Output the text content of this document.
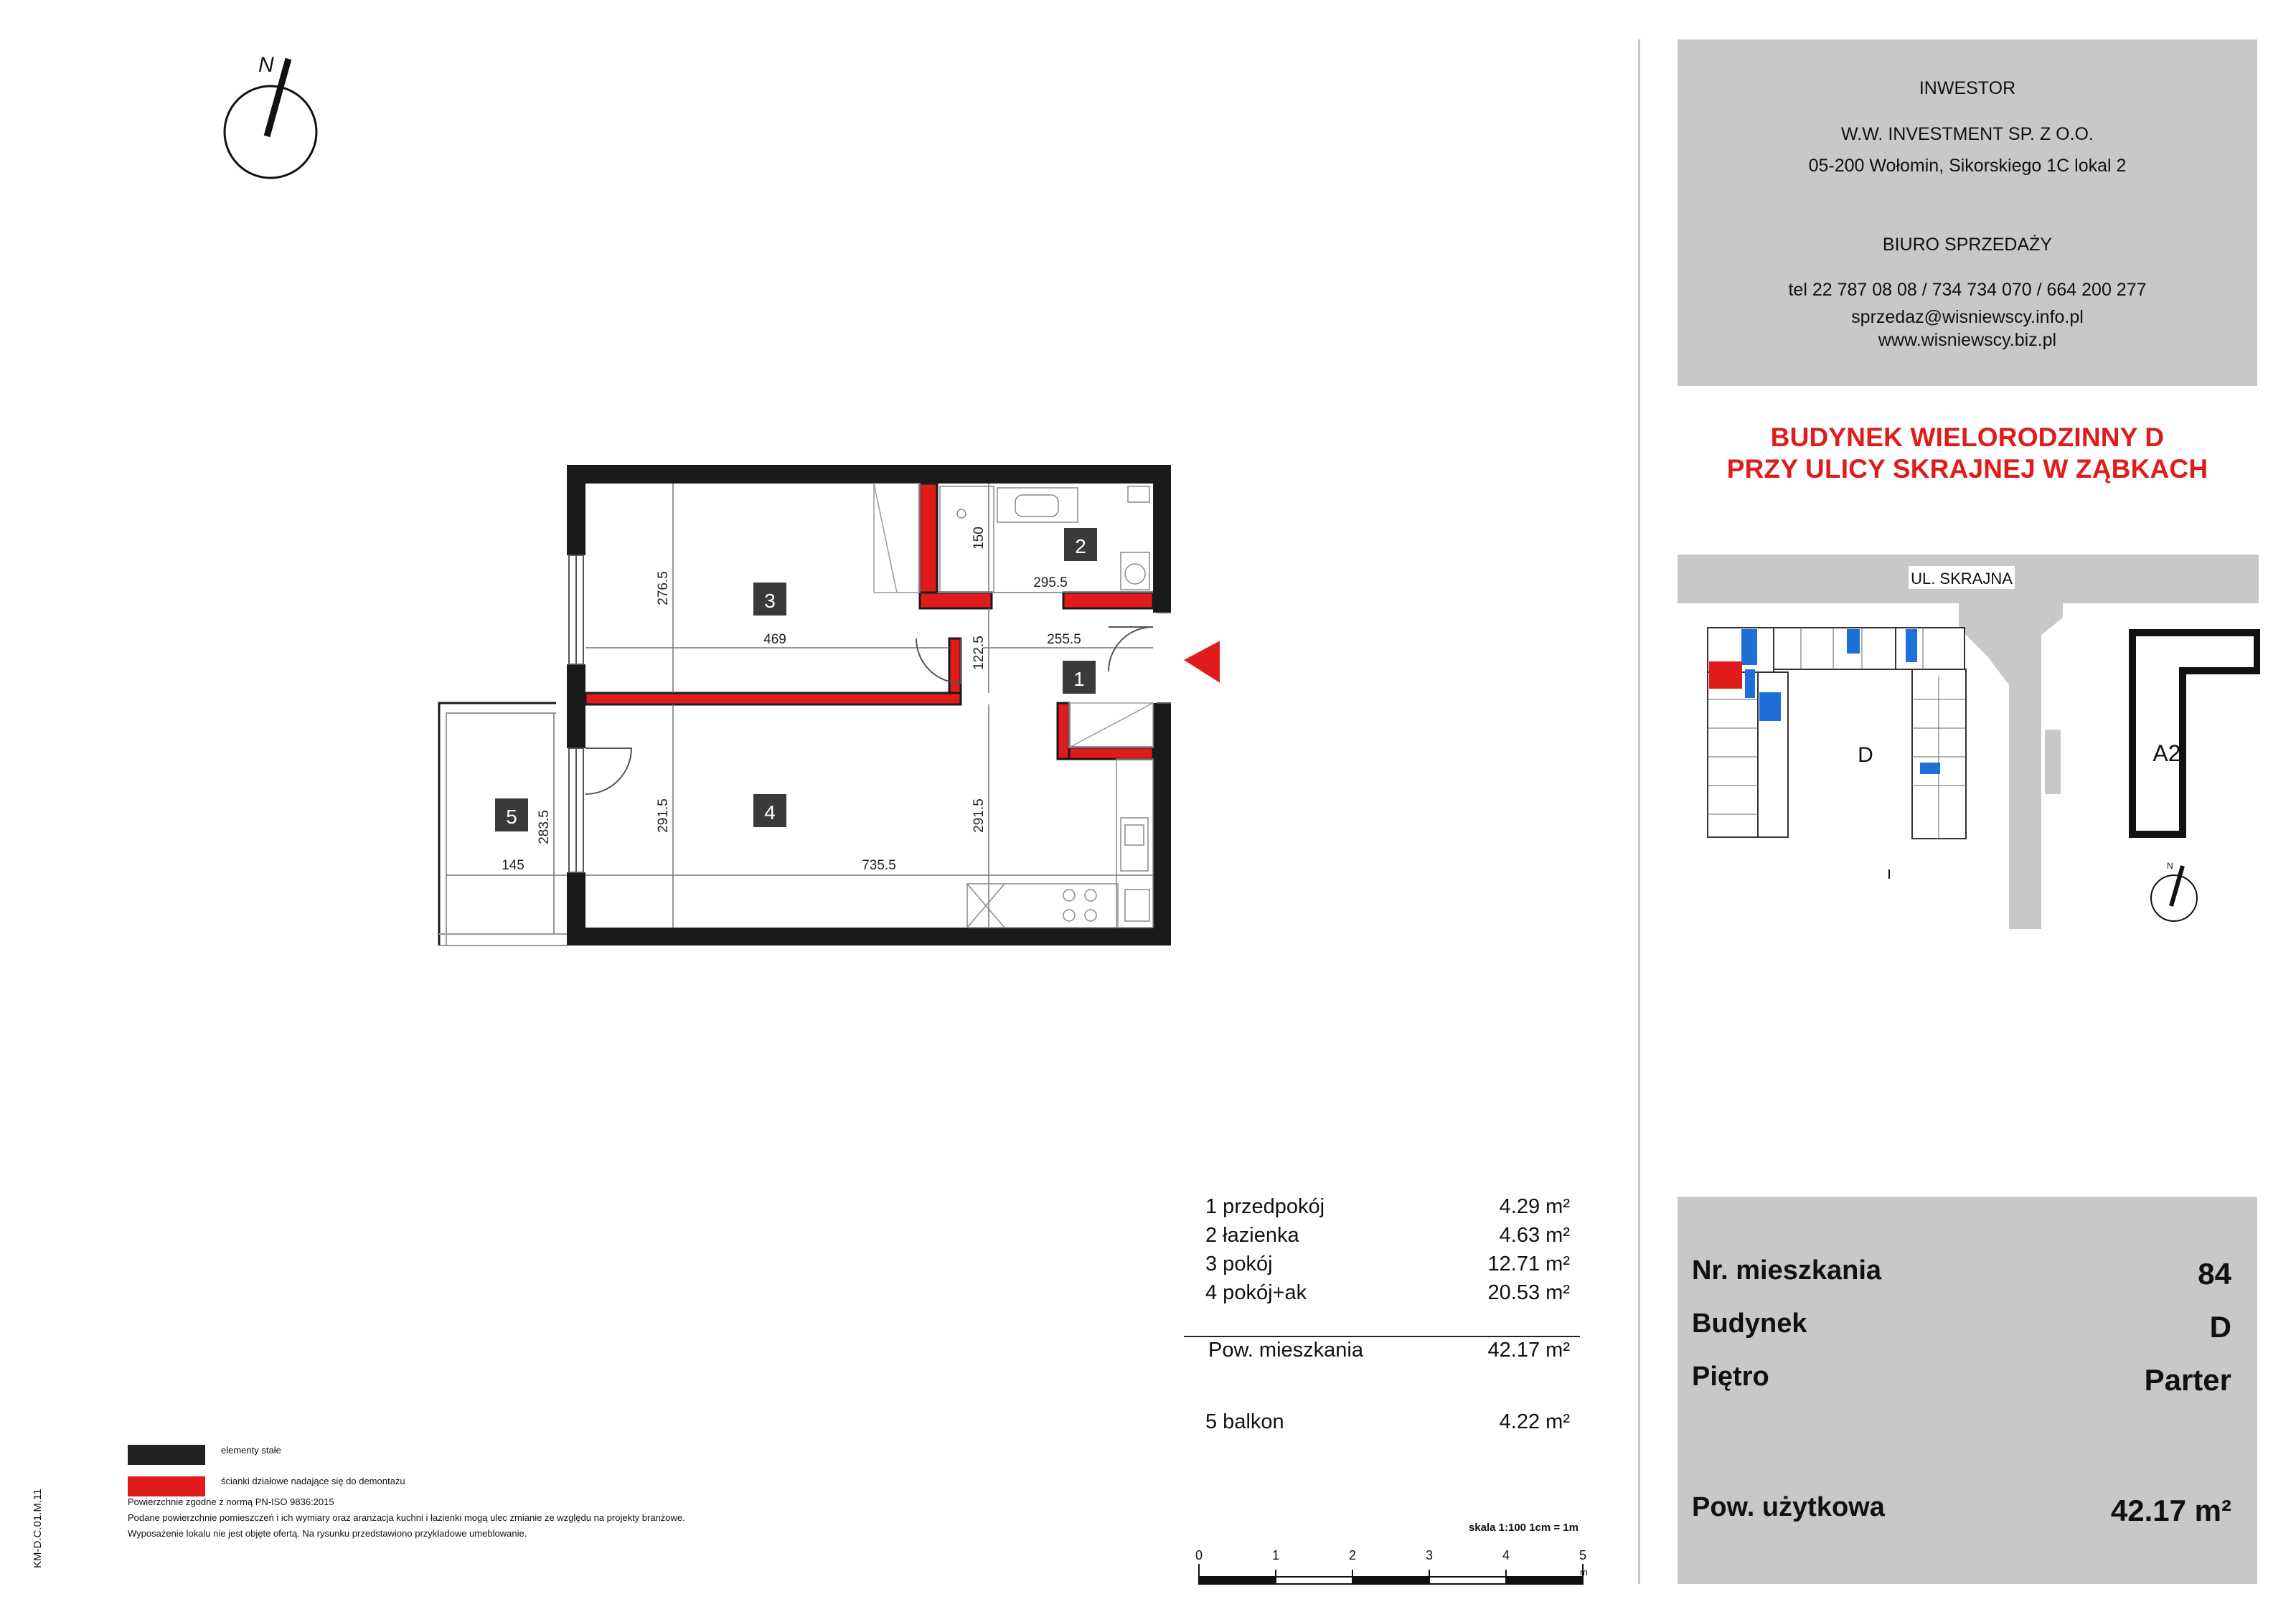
N
INWESTOR
W.W. INVESTMENT SP. Z O.O.
05-200 Wołomin, Sikorskiego 1C lokal 2
BIURO SPRZEDAŻY
tel 22 787 08 08 / 734 734 070 / 664 200 277
sprzedaz@wisniewscy.info.pl
www.wisniewscy.biz.pl
BUDYNEK WIELORODZINNY D
PRZY ULICY SKRAJNEJ W ZĄBKACH
UL. SKRAJNA
D	A2
N
3
2
1
4
5
469	255.5
295.5
735.5
145
276.5
291.5	291.5
150
122.5
283.5
1 przedpokój	4.29 m²
2 łazienka	4.63 m²
3 pokój	12.71 m²
4 pokój+ak	20.53 m²
Pow. mieszkania	42.17 m²
5 balkon	4.22 m²
skala 1:100 1cm = 1m
0	1	2	3	4	5
m
elementy stałe
ścianki działowe nadające się do demontażu
Powierzchnie zgodne z normą PN-ISO 9836:2015
Podane powierzchnie pomieszczeń i ich wymiary oraz aranżacja kuchni i łazienki mogą ulec zmianie ze względu na projekty branżowe.
Wyposażenie lokalu nie jest objęte ofertą. Na rysunku przedstawiono przykładowe umeblowanie.
KM-D.C.01.M.11
Nr. mieszkania	84
Budynek	D
Piętro	Parter
Pow. użytkowa	42.17 m²
